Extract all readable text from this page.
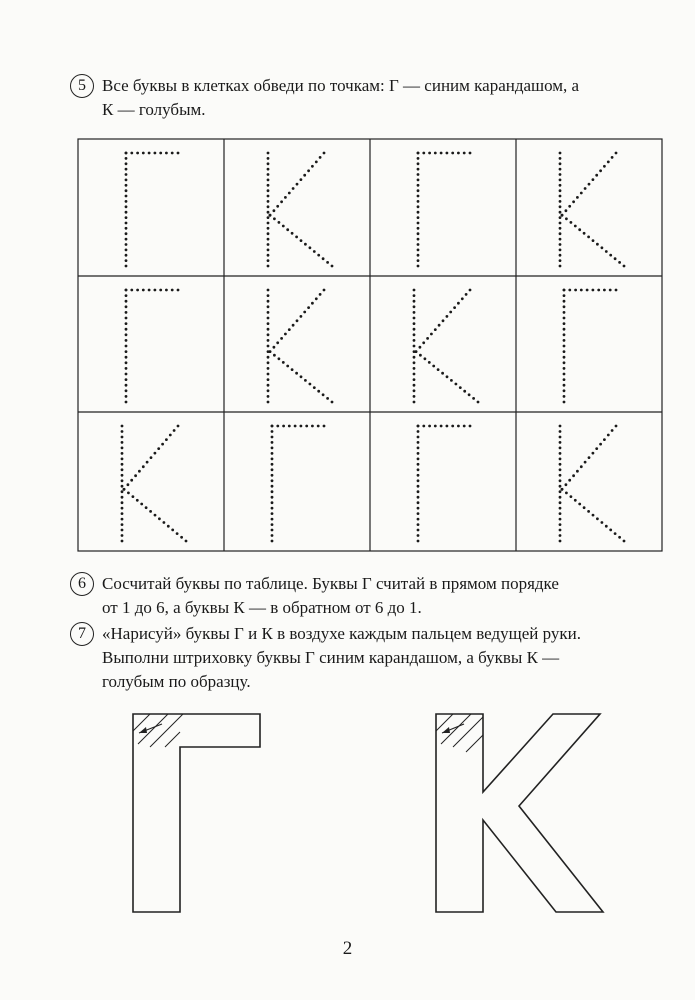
5 Все буквы в клетках обведи по точкам: Г — синим карандашом, а

К — голубым.

6 Сосчитай буквы по таблице. Буквы Г считай в прямом порядке

от 1 до 6, а буквы К — в обратном от 6 до 1.

7 «Нарисуй» буквы Г и К в воздухе каждым пальцем ведущей руки.

Выполни штриховку буквы Г синим карандашом, а буквы К —

голубым по образцу.

2
